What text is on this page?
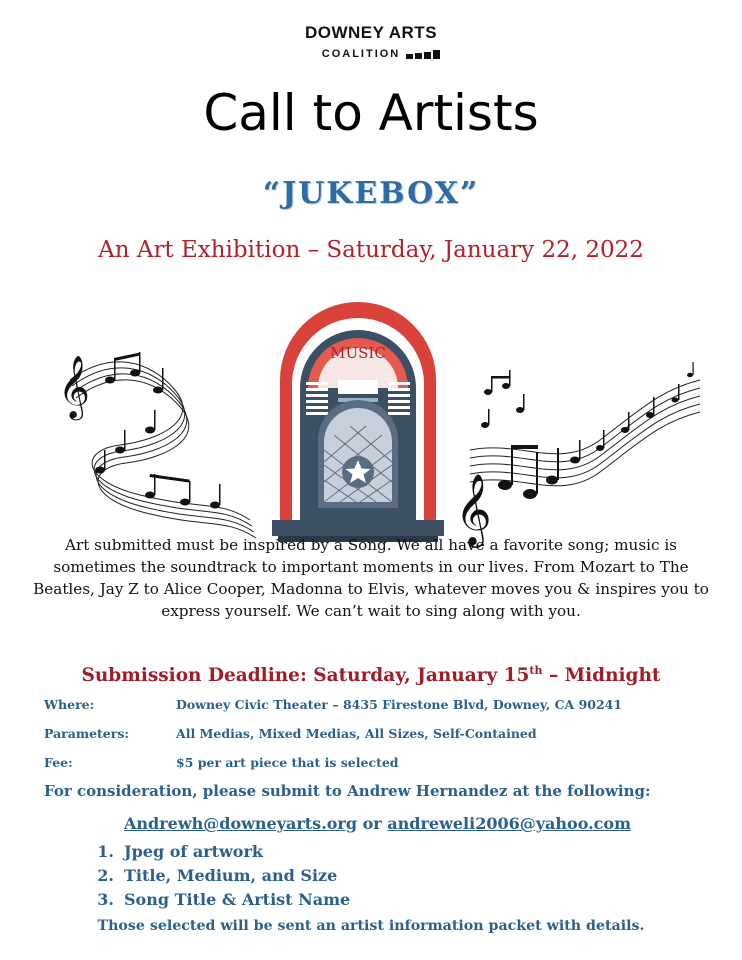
DOWNEY ARTS
COALITION
Call to Artists
“JUKEBOX”
An Art Exhibition – Saturday, January 22, 2022
𝄞
MUSIC
𝄞
Art submitted must be inspired by a Song. We all have a favorite song; music is sometimes the soundtrack to important moments in our lives. From Mozart to The Beatles, Jay Z to Alice Cooper, Madonna to Elvis, whatever moves you & inspires you to express yourself. We can’t wait to sing along with you.
Submission Deadline: Saturday, January 15th – Midnight
Where:	Downey Civic Theater – 8435 Firestone Blvd, Downey, CA 90241
Parameters:	All Medias, Mixed Medias, All Sizes, Self-Contained
Fee:	$5 per art piece that is selected
For consideration, please submit to Andrew Hernandez at the following:
Andrewh@downeyarts.org or andreweli2006@yahoo.com
1. Jpeg of artwork
2. Title, Medium, and Size
3. Song Title & Artist Name
Those selected will be sent an artist information packet with details.
